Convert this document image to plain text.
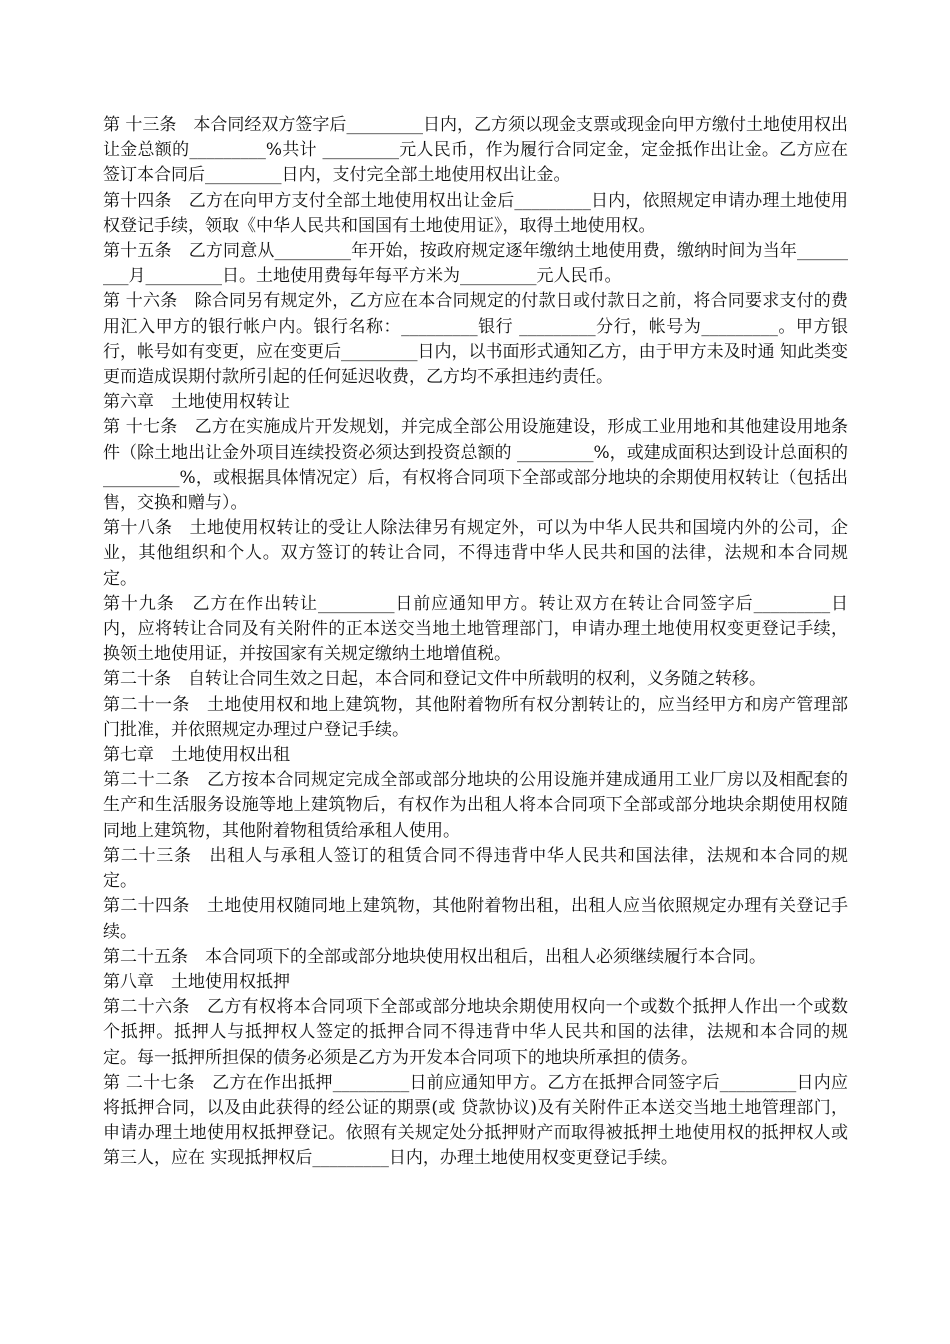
第 十三条　本合同经双方签字后_________日内，乙方须以现金支票或现金向甲方缴付土地使用权出让金总额的_________%共计 _________元人民币，作为履行合同定金，定金抵作出让金。乙方应在签订本合同后_________日内，支付完全部土地使用权出让金。

第十四条　乙方在向甲方支付全部土地使用权出让金后_________日内，依照规定申请办理土地使用权登记手续，领取《中华人民共和国国有土地使用证》，取得土地使用权。

第十五条　乙方同意从_________年开始，按政府规定逐年缴纳土地使用费，缴纳时间为当年_________月_________日。土地使用费每年每平方米为_________元人民币。

第 十六条　除合同另有规定外，乙方应在本合同规定的付款日或付款日之前，将合同要求支付的费用汇入甲方的银行帐户内。银行名称：_________银行 _________分行，帐号为_________。甲方银行，帐号如有变更，应在变更后_________日内，以书面形式通知乙方，由于甲方未及时通 知此类变更而造成误期付款所引起的任何延迟收费，乙方均不承担违约责任。

第六章　土地使用权转让

第 十七条　乙方在实施成片开发规划，并完成全部公用设施建设，形成工业用地和其他建设用地条件（除土地出让金外项目连续投资必须达到投资总额的 _________%，或建成面积达到设计总面积的_________%，或根据具体情况定）后，有权将合同项下全部或部分地块的余期使用权转让（包括出 售，交换和赠与）。

第十八条　土地使用权转让的受让人除法律另有规定外，可以为中华人民共和国境内外的公司，企业，其他组织和个人。双方签订的转让合同，不得违背中华人民共和国的法律，法规和本合同规定。

第十九条　乙方在作出转让_________日前应通知甲方。转让双方在转让合同签字后_________日内，应将转让合同及有关附件的正本送交当地土地管理部门，申请办理土地使用权变更登记手续，换领土地使用证，并按国家有关规定缴纳土地增值税。

第二十条　自转让合同生效之日起，本合同和登记文件中所载明的权利，义务随之转移。

第二十一条　土地使用权和地上建筑物，其他附着物所有权分割转让的，应当经甲方和房产管理部门批准，并依照规定办理过户登记手续。

第七章　土地使用权出租

第二十二条　乙方按本合同规定完成全部或部分地块的公用设施并建成通用工业厂房以及相配套的生产和生活服务设施等地上建筑物后，有权作为出租人将本合同项下全部或部分地块余期使用权随同地上建筑物，其他附着物租赁给承租人使用。

第二十三条　出租人与承租人签订的租赁合同不得违背中华人民共和国法律，法规和本合同的规定。

第二十四条　土地使用权随同地上建筑物，其他附着物出租，出租人应当依照规定办理有关登记手续。

第二十五条　本合同项下的全部或部分地块使用权出租后，出租人必须继续履行本合同。

第八章　土地使用权抵押

第二十六条　乙方有权将本合同项下全部或部分地块余期使用权向一个或数个抵押人作出一个或数个抵押。抵押人与抵押权人签定的抵押合同不得违背中华人民共和国的法律，法规和本合同的规定。每一抵押所担保的债务必须是乙方为开发本合同项下的地块所承担的债务。

第 二十七条　乙方在作出抵押_________日前应通知甲方。乙方在抵押合同签字后_________日内应将抵押合同，以及由此获得的经公证的期票(或 贷款协议)及有关附件正本送交当地土地管理部门，申请办理土地使用权抵押登记。依照有关规定处分抵押财产而取得被抵押土地使用权的抵押权人或第三人，应在 实现抵押权后_________日内，办理土地使用权变更登记手续。
